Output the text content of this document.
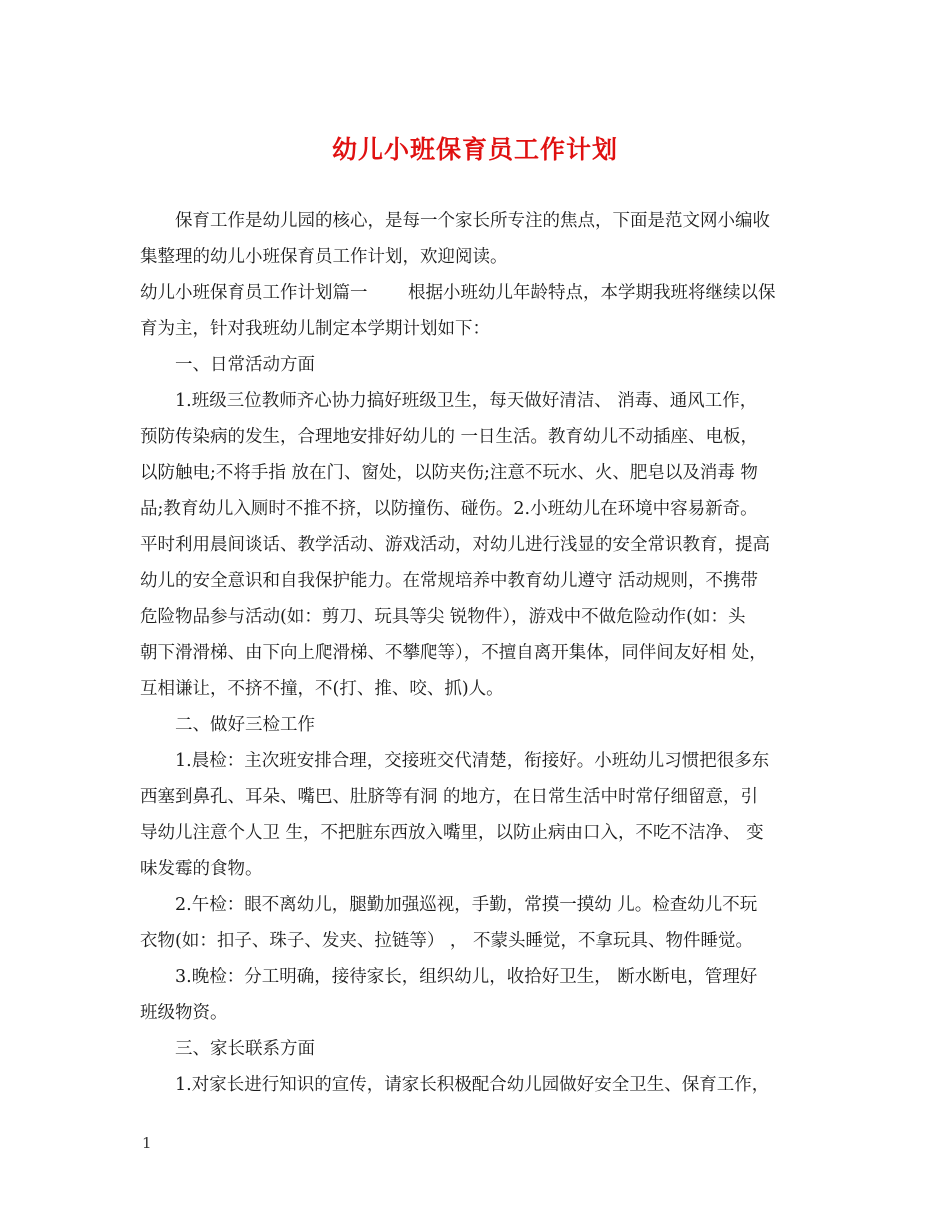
幼儿小班保育员工作计划
　　保育工作是幼儿园的核心，是每一个家长所专注的焦点，下面是范文网小编收
集整理的幼儿小班保育员工作计划，欢迎阅读。
幼儿小班保育员工作计划篇一　　 根据小班幼儿年龄特点，本学期我班将继续以保
育为主，针对我班幼儿制定本学期计划如下：
　　一、日常活动方面
　　1.班级三位教师齐心协力搞好班级卫生，每天做好清洁、 消毒、通风工作，
预防传染病的发生，合理地安排好幼儿的 一日生活。教育幼儿不动插座、电板，
以防触电;不将手指 放在门、窗处，以防夹伤;注意不玩水、火、肥皂以及消毒 物
品;教育幼儿入厕时不推不挤，以防撞伤、碰伤。2.小班幼儿在环境中容易新奇。
平时利用晨间谈话、教学活动、游戏活动，对幼儿进行浅显的安全常识教育，提高
幼儿的安全意识和自我保护能力。在常规培养中教育幼儿遵守 活动规则，不携带
危险物品参与活动(如：剪刀、玩具等尖 锐物件），游戏中不做危险动作(如：头
朝下滑滑梯、由下向上爬滑梯、不攀爬等），不擅自离开集体，同伴间友好相 处，
互相谦让，不挤不撞，不(打、推、咬、抓)人。
　　二、做好三检工作
　　1.晨检：主次班安排合理，交接班交代清楚，衔接好。小班幼儿习惯把很多东
西塞到鼻孔、耳朵、嘴巴、肚脐等有洞 的地方，在日常生活中时常仔细留意，引
导幼儿注意个人卫 生，不把脏东西放入嘴里，以防止病由口入，不吃不洁净、 变
味发霉的食物。
　　2.午检：眼不离幼儿，腿勤加强巡视，手勤，常摸一摸幼 儿。检查幼儿不玩
衣物(如：扣子、珠子、发夹、拉链等） ， 不蒙头睡觉，不拿玩具、物件睡觉。
　　3.晚检：分工明确，接待家长，组织幼儿，收拾好卫生， 断水断电，管理好
班级物资。
　　三、家长联系方面
　　1.对家长进行知识的宣传，请家长积极配合幼儿园做好安全卫生、保育工作，
1
